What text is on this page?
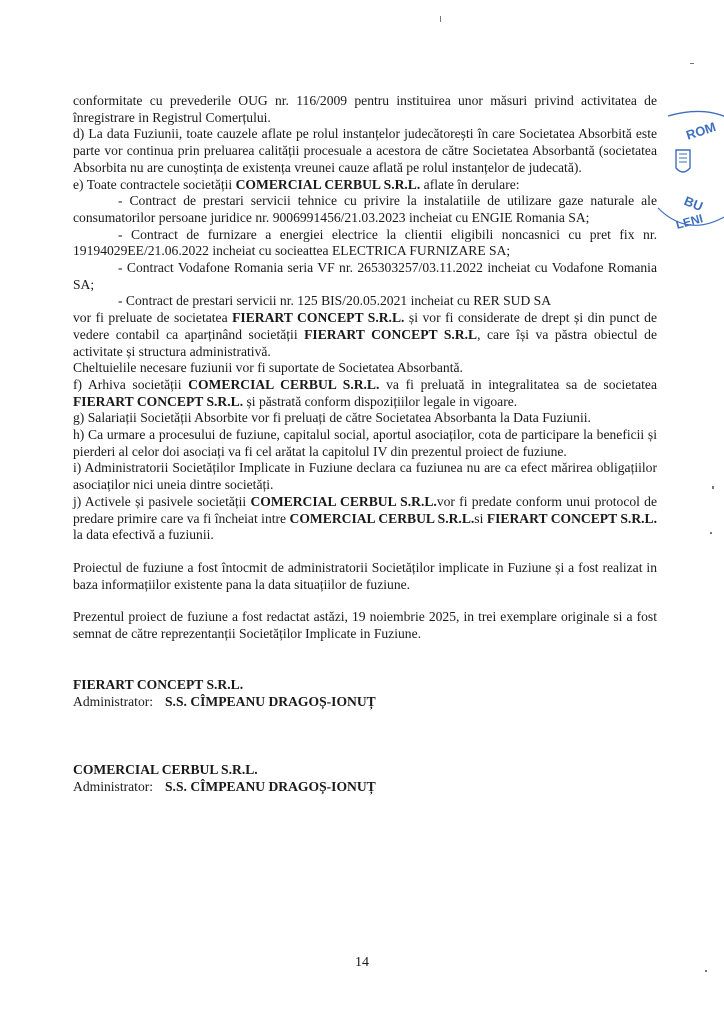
conformitate cu prevederile OUG nr. 116/2009 pentru instituirea unor măsuri privind activitatea de înregistrare in Registrul Comerțului.

d) La data Fuziunii, toate cauzele aflate pe rolul instanțelor judecătorești în care Societatea Absorbită este parte vor continua prin preluarea calității procesuale a acestora de către Societatea Absorbantă (societatea Absorbita nu are cunoștința de existența vreunei cauze aflată pe rolul instanțelor de judecată).

e) Toate contractele societății COMERCIAL CERBUL S.R.L. aflate în derulare:

- Contract de prestari servicii tehnice cu privire la instalatiile de utilizare gaze naturale ale consumatorilor persoane juridice nr. 9006991456/21.03.2023 incheiat cu ENGIE Romania SA;

- Contract de furnizare a energiei electrice la clientii eligibili noncasnici cu pret fix nr. 19194029EE/21.06.2022 incheiat cu socieattea ELECTRICA FURNIZARE SA;

- Contract Vodafone Romania seria VF nr. 265303257/03.11.2022 incheiat cu Vodafone Romania SA;

- Contract de prestari servicii nr. 125 BIS/20.05.2021 incheiat cu RER SUD SA

vor fi preluate de societatea FIERART CONCEPT S.R.L. și vor fi considerate de drept și din punct de vedere contabil ca aparținând societății FIERART CONCEPT S.R.L, care își va păstra obiectul de activitate și structura administrativă.

Cheltuielile necesare fuziunii vor fi suportate de Societatea Absorbantă.

f) Arhiva societății COMERCIAL CERBUL S.R.L. va fi preluată in integralitatea sa de societatea FIERART CONCEPT S.R.L. și păstrată conform dispozițiilor legale in vigoare.

g) Salariații Societății Absorbite vor fi preluați de către Societatea Absorbanta la Data Fuziunii.

h) Ca urmare a procesului de fuziune, capitalul social, aportul asociaților, cota de participare la beneficii și pierderi al celor doi asociați va fi cel arătat la capitolul IV din prezentul proiect de fuziune.

i) Administratorii Societăților Implicate in Fuziune declara ca fuziunea nu are ca efect mărirea obligațiilor asociaților nici uneia dintre societăți.

j) Activele și pasivele societății COMERCIAL CERBUL S.R.L.vor fi predate conform unui protocol de predare primire care va fi încheiat intre COMERCIAL CERBUL S.R.L.si FIERART CONCEPT S.R.L. la data efectivă a fuziunii.

Proiectul de fuziune a fost întocmit de administratorii Societăților implicate in Fuziune și a fost realizat in baza informațiilor existente pana la data situațiilor de fuziune.

Prezentul proiect de fuziune a fost redactat astăzi, 19 noiembrie 2025, in trei exemplare originale si a fost semnat de către reprezentanții Societăților Implicate in Fuziune.

FIERART CONCEPT S.R.L.
Administrator: S.S. CÎMPEANU DRAGOȘ-IONUȚ
COMERCIAL CERBUL S.R.L.
Administrator: S.S. CÎMPEANU DRAGOȘ-IONUȚ
ROM
BU
LENI
14
